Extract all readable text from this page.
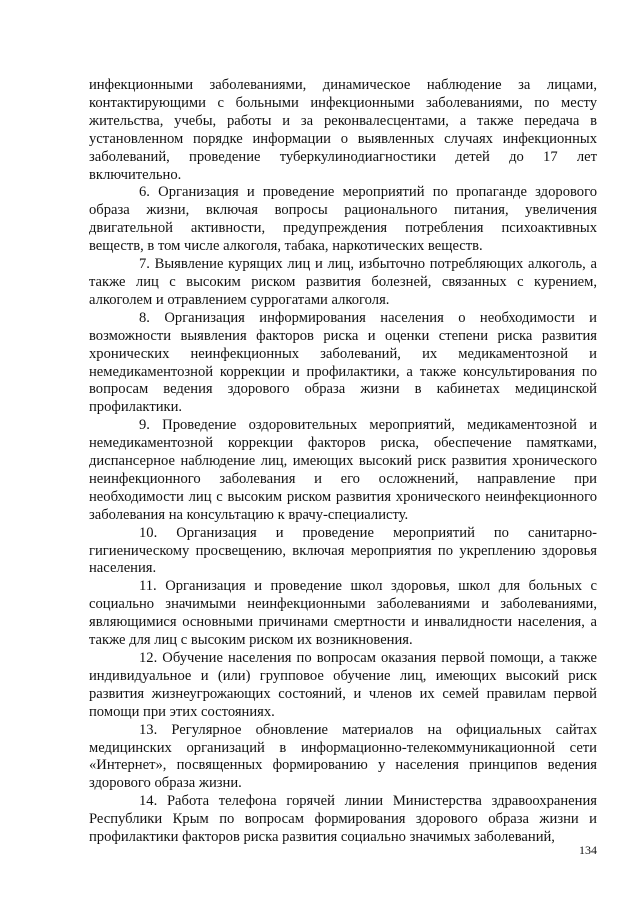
инфекционными заболеваниями, динамическое наблюдение за лицами, контактирующими с больными инфекционными заболеваниями, по месту жительства, учебы, работы и за реконвалесцентами, а также передача в установленном порядке информации о выявленных случаях инфекционных заболеваний, проведение туберкулинодиагностики детей до 17 лет включительно.

6. Организация и проведение мероприятий по пропаганде здорового образа жизни, включая вопросы рационального питания, увеличения двигательной активности, предупреждения потребления психоактивных веществ, в том числе алкоголя, табака, наркотических веществ.

7. Выявление курящих лиц и лиц, избыточно потребляющих алкоголь, а также лиц с высоким риском развития болезней, связанных с курением, алкоголем и отравлением суррогатами алкоголя.

8. Организация информирования населения о необходимости и возможности выявления факторов риска и оценки степени риска развития хронических неинфекционных заболеваний, их медикаментозной и немедикаментозной коррекции и профилактики, а также консультирования по вопросам ведения здорового образа жизни в кабинетах медицинской профилактики.

9. Проведение оздоровительных мероприятий, медикаментозной и немедикаментозной коррекции факторов риска, обеспечение памятками, диспансерное наблюдение лиц, имеющих высокий риск развития хронического неинфекционного заболевания и его осложнений, направление при необходимости лиц с высоким риском развития хронического неинфекционного заболевания на консультацию к врачу-специалисту.

10. Организация и проведение мероприятий по санитарно-гигиеническому просвещению, включая мероприятия по укреплению здоровья населения.

11. Организация и проведение школ здоровья, школ для больных с социально значимыми неинфекционными заболеваниями и заболеваниями, являющимися основными причинами смертности и инвалидности населения, а также для лиц с высоким риском их возникновения.

12. Обучение населения по вопросам оказания первой помощи, а также индивидуальное и (или) групповое обучение лиц, имеющих высокий риск развития жизнеугрожающих состояний, и членов их семей правилам первой помощи при этих состояниях.

13. Регулярное обновление материалов на официальных сайтах медицинских организаций в информационно-телекоммуникационной сети «Интернет», посвященных формированию у населения принципов ведения здорового образа жизни.

14. Работа телефона горячей линии Министерства здравоохранения Республики Крым по вопросам формирования здорового образа жизни и профилактики факторов риска развития социально значимых заболеваний,

134
